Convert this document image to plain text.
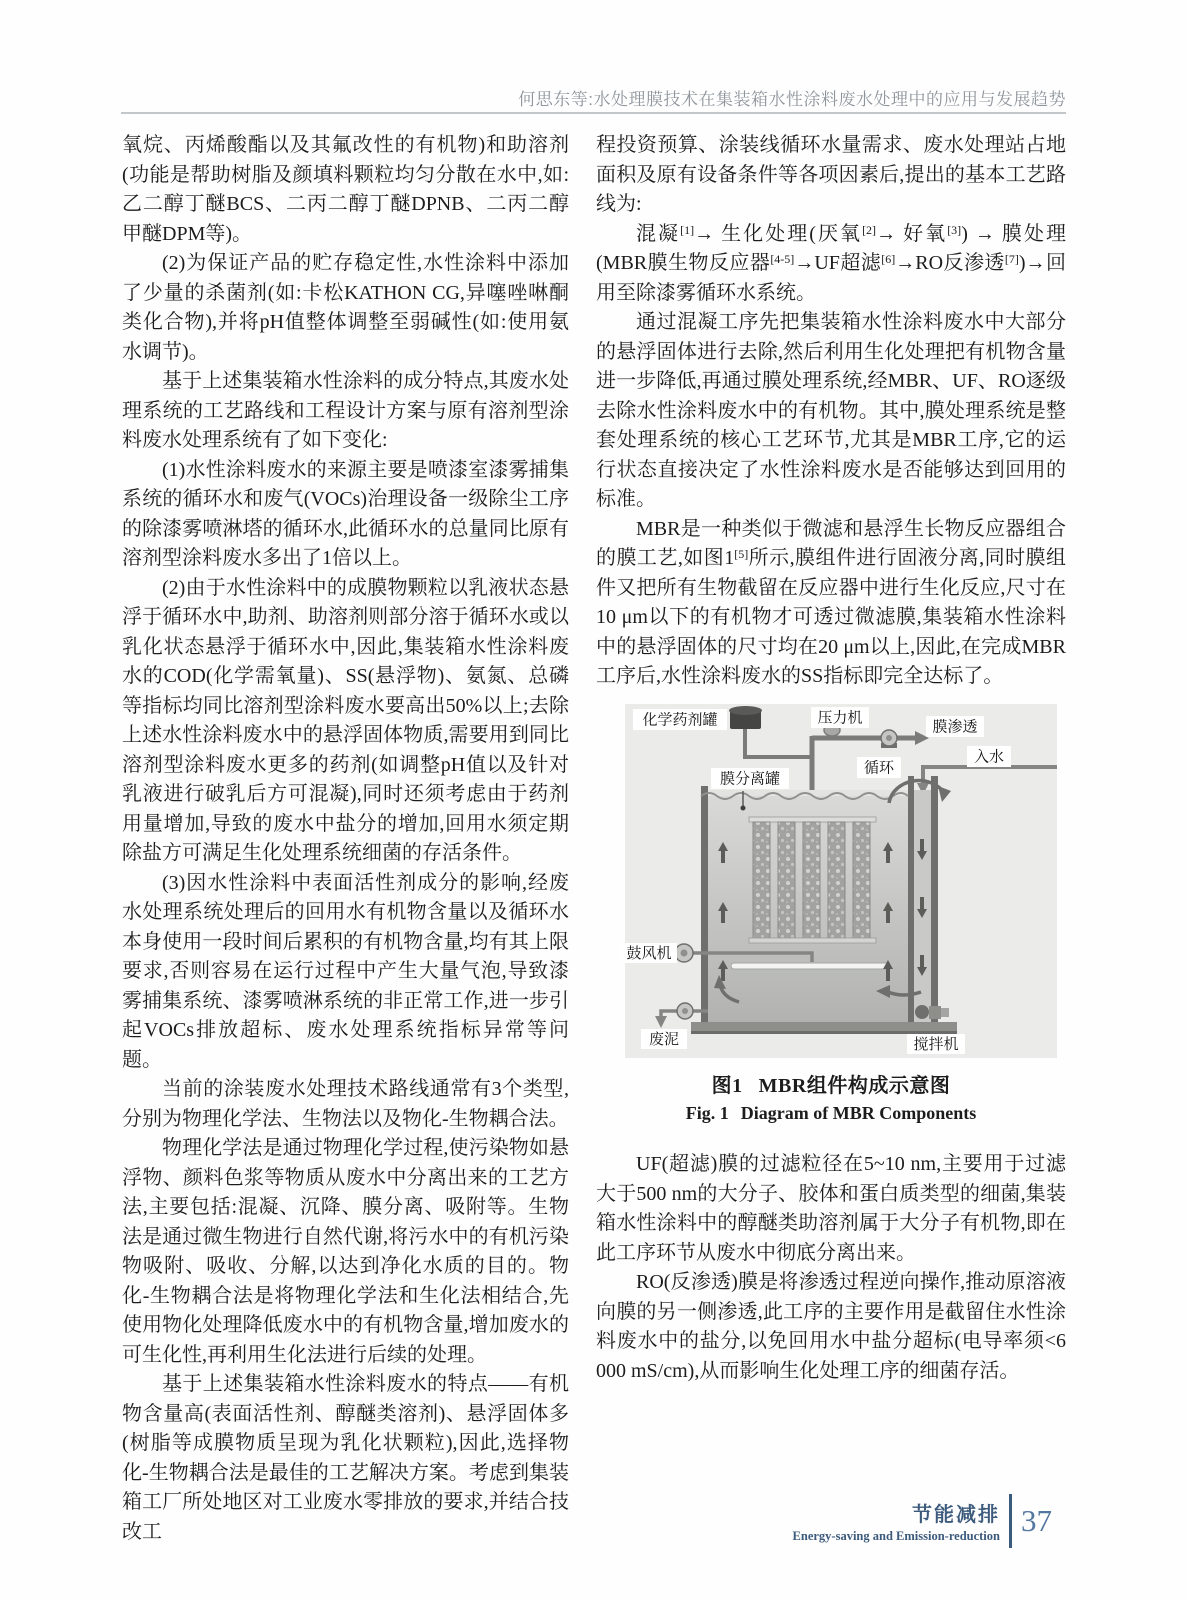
何思东等:水处理膜技术在集装箱水性涂料废水处理中的应用与发展趋势

氧烷、丙烯酸酯以及其氟改性的有机物)和助溶剂(功能是帮助树脂及颜填料颗粒均匀分散在水中,如:乙二醇丁醚BCS、二丙二醇丁醚DPNB、二丙二醇甲醚DPM等)。

(2)为保证产品的贮存稳定性,水性涂料中添加了少量的杀菌剂(如:卡松KATHON CG,异噻唑啉酮类化合物),并将pH值整体调整至弱碱性(如:使用氨水调节)。

基于上述集装箱水性涂料的成分特点,其废水处理系统的工艺路线和工程设计方案与原有溶剂型涂料废水处理系统有了如下变化:

(1)水性涂料废水的来源主要是喷漆室漆雾捕集系统的循环水和废气(VOCs)治理设备一级除尘工序的除漆雾喷淋塔的循环水,此循环水的总量同比原有溶剂型涂料废水多出了1倍以上。

(2)由于水性涂料中的成膜物颗粒以乳液状态悬浮于循环水中,助剂、助溶剂则部分溶于循环水或以乳化状态悬浮于循环水中,因此,集装箱水性涂料废水的COD(化学需氧量)、SS(悬浮物)、氨氮、总磷等指标均同比溶剂型涂料废水要高出50%以上;去除上述水性涂料废水中的悬浮固体物质,需要用到同比溶剂型涂料废水更多的药剂(如调整pH值以及针对乳液进行破乳后方可混凝),同时还须考虑由于药剂用量增加,导致的废水中盐分的增加,回用水须定期除盐方可满足生化处理系统细菌的存活条件。

(3)因水性涂料中表面活性剂成分的影响,经废水处理系统处理后的回用水有机物含量以及循环水本身使用一段时间后累积的有机物含量,均有其上限要求,否则容易在运行过程中产生大量气泡,导致漆雾捕集系统、漆雾喷淋系统的非正常工作,进一步引起VOCs排放超标、废水处理系统指标异常等问题。

当前的涂装废水处理技术路线通常有3个类型,分别为物理化学法、生物法以及物化-生物耦合法。

物理化学法是通过物理化学过程,使污染物如悬浮物、颜料色浆等物质从废水中分离出来的工艺方法,主要包括:混凝、沉降、膜分离、吸附等。生物法是通过微生物进行自然代谢,将污水中的有机污染物吸附、吸收、分解,以达到净化水质的目的。物化-生物耦合法是将物理化学法和生化法相结合,先使用物化处理降低废水中的有机物含量,增加废水的可生化性,再利用生化法进行后续的处理。

基于上述集装箱水性涂料废水的特点——有机物含量高(表面活性剂、醇醚类溶剂)、悬浮固体多(树脂等成膜物质呈现为乳化状颗粒),因此,选择物化-生物耦合法是最佳的工艺解决方案。考虑到集装箱工厂所处地区对工业废水零排放的要求,并结合技改工

程投资预算、涂装线循环水量需求、废水处理站占地面积及原有设备条件等各项因素后,提出的基本工艺路线为:

混凝[1]→ 生化处理(厌氧[2]→ 好氧[3]) → 膜处理(MBR膜生物反应器[4-5]→UF超滤[6]→RO反渗透[7])→回用至除漆雾循环水系统。

通过混凝工序先把集装箱水性涂料废水中大部分的悬浮固体进行去除,然后利用生化处理把有机物含量进一步降低,再通过膜处理系统,经MBR、UF、RO逐级去除水性涂料废水中的有机物。其中,膜处理系统是整套处理系统的核心工艺环节,尤其是MBR工序,它的运行状态直接决定了水性涂料废水是否能够达到回用的标准。

MBR是一种类似于微滤和悬浮生长物反应器组合的膜工艺,如图1[5]所示,膜组件进行固液分离,同时膜组件又把所有生物截留在反应器中进行生化反应,尺寸在10 μm以下的有机物才可透过微滤膜,集装箱水性涂料中的悬浮固体的尺寸均在20 μm以上,因此,在完成MBR工序后,水性涂料废水的SS指标即完全达标了。

化学药剂罐	压力机
膜渗透
入水
循环
膜分离罐
鼓风机
废泥	搅拌机
图1 MBR组件构成示意图
Fig. 1 Diagram of MBR Components

UF(超滤)膜的过滤粒径在5~10 nm,主要用于过滤大于500 nm的大分子、胶体和蛋白质类型的细菌,集装箱水性涂料中的醇醚类助溶剂属于大分子有机物,即在此工序环节从废水中彻底分离出来。

RO(反渗透)膜是将渗透过程逆向操作,推动原溶液向膜的另一侧渗透,此工序的主要作用是截留住水性涂料废水中的盐分,以免回用水中盐分超标(电导率须<6 000 mS/cm),从而影响生化处理工序的细菌存活。

节能减排
Energy-saving and Emission-reduction 37
